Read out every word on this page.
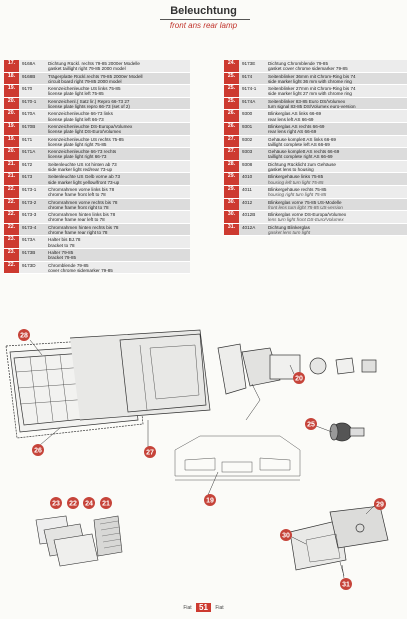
Beleuchtung
front ans rear lamp
17.	9168A	Dichtung Rückl. rechts 79-85 2000er Modelle
gasket taillight right 79-85 2000 model
18.	9168B	Trägerplatte Rückl.rechts 79-85 2000er Modell
circuit board right 79-85 2000 model
19.	9170	Kennzeichenleuchte US links 75-85
license plate light left 75-85
20.	9170-1	Kennzeichenl.( Satz lir.) Repro 66-73 27
license plate lights repro 66-73 (set of 2)
20.	9170A	Kennzeichenleuchte 66-73 links
license plate light left 66-73
19.	9170B	Kennzeichenleuchte DS-Europa/Volumex
license plate light DS-Euro/Volumex
19.	9171	Kennzeichenleuchte US rechts 75-85
license plate light right 75-85
20.	9171A	Kennzeichenleuchte 66-73 rechts
license plate light right 66-73
21.	9172	Seitenleuchte US rot hinten ab 73
side marker light red/rear 73-up
21.	9173	Seitenleuchte US Gelb vorne ab 73
side marker light yellow/front 73-up
22.	9173-1	Chromrahmen vorne links bis 78
chrome frame front left to 78
22.	9173-2	Chromrahmen vorne rechts bis 78
chrome frame front right to 78
22.	9173-3	Chromrahmen hinten links bis 78
chrome frame rear left to 78
22.	9173-4	Chromrahmen hinten rechts bis 78
chrome frame rear right to 78
23.	9173A	Halter bis BJ.78
bracket to 78
23.	9173B	Halter 79-85
bracket 79-85
22.	9173D	Chromblende 79-85
cover chrome sidemarker 79-85
24.	9173E	Dichtung Chromblende 79-85
gasket cover chrome sidemarker 79-85
25.	9174	Seitenblinker 36mm mit Chrom-Ring bis 74
side marker light 36 mm with chrome ring
25.	9174-1	Seitenblinker 27mm mit Chrom-Ring bis 74
side marker light 27 mm with chrome ring
25.	9174A	Seitenblinker 83-85 Euro DS/Volumex
turn signal 83-85 DS/Volumex euro-version
26.	9300	Blinkerglas AS links 66-69
rear lens left AS 66-69
26.	9301	Blinkerglas AS rechts 66-69
rear lens right AS 66-69
27.	9302	Gehäuse komplett AS links 66-69
taillight complete left AS 66-69
27.	9303	Gehäuse komplett AS rechts 66-69
taillight complete right AS 66-69
28.	9308	Dichtung Rücklicht zum Gehäuse
gasket lens to housing
29.	4010	Blinkergehäuse links 75-85
housing left turn light 75-85
29.	4011	Blinkergehäuse rechts 75-85
housing right turn light 75-85
30.	4012	Blinkerglas vorne 75-85 US-Modelle
front lens turn light 75-85 US-version
30.	4012B	Blinkerglas vorne DS-Europa/Volumex
lens turn light front DS-Euro/Volumex
31.	4012A	Dichtung Blinkerglas
gasket lens turn light
28
26	27
20
25
19
23 22 24 21	29
30
31
Fiat 51 Fiat
